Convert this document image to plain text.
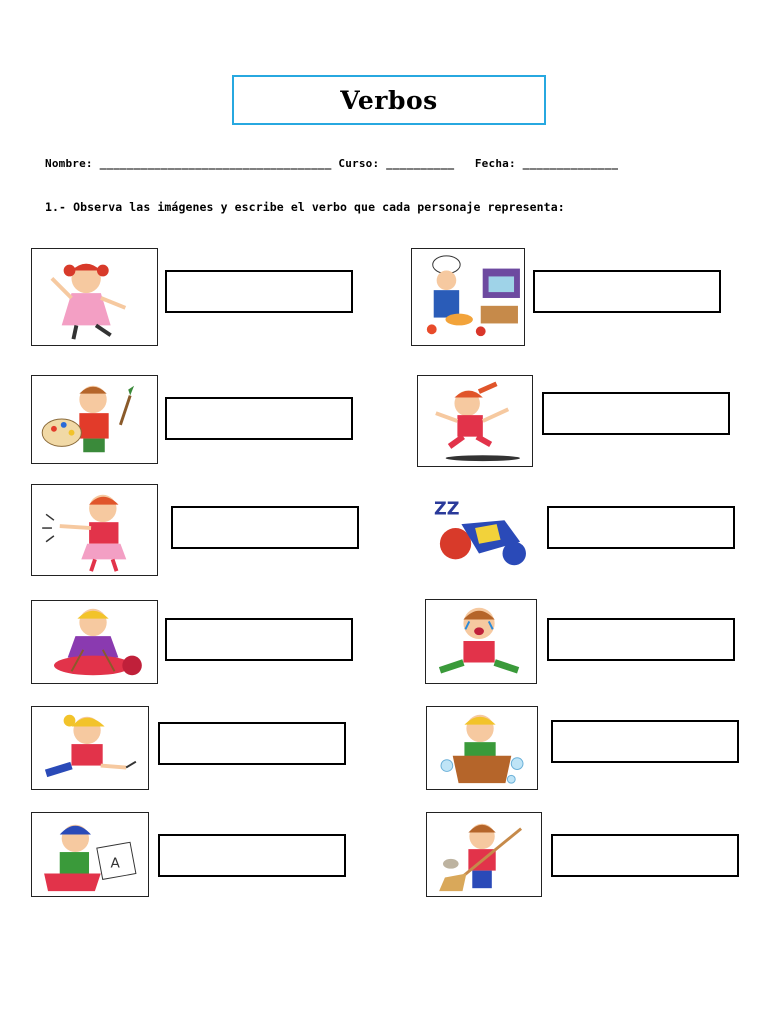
Verbos
Nombre: __________________________________ Curso: __________ Fecha: ______________
1.- Observa las imágenes y escribe el verbo que cada personaje representa:
ZZ
A
